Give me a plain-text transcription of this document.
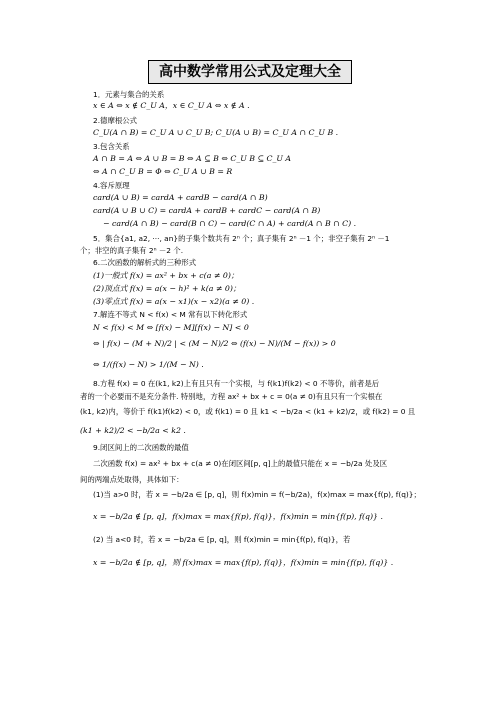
高中数学常用公式及定理大全
1．元素与集合的关系
x ∈ A ⇔ x ∉ C_U A，x ∈ C_U A ⇔ x ∉ A .
2.德摩根公式
C_U(A ∩ B) = C_U A ∪ C_U B; C_U(A ∪ B) = C_U A ∩ C_U B .
3.包含关系
A ∩ B = A ⇔ A ∪ B = B ⇔ A ⊆ B ⇔ C_U B ⊆ C_U A
⇔ A ∩ C_U B = Φ ⇔ C_U A ∪ B = R
4.容斥原理
card(A ∪ B) = cardA + cardB − card(A ∩ B)
card(A ∪ B ∪ C) = cardA + cardB + cardC − card(A ∩ B)
− card(A ∩ B) − card(B ∩ C) − card(C ∩ A) + card(A ∩ B ∩ C) .
5．集合{a1, a2, ···, an}的子集个数共有 2ⁿ 个；真子集有 2ⁿ －1 个；非空子集有 2ⁿ －1
个；非空的真子集有 2ⁿ －2 个.
6.二次函数的解析式的三种形式
(1)一般式 f(x) = ax² + bx + c(a ≠ 0)；
(2)顶点式 f(x) = a(x − h)² + k(a ≠ 0)；
(3)零点式 f(x) = a(x − x1)(x − x2)(a ≠ 0) .
7.解连不等式 N < f(x) < M 常有以下转化形式
N < f(x) < M ⇔ [f(x) − M][f(x) − N] < 0
⇔ | f(x) − (M + N)/2 | < (M − N)/2 ⇔ (f(x) − N)/(M − f(x)) > 0
⇔ 1/(f(x) − N) > 1/(M − N) .
8.方程 f(x) = 0 在(k1, k2)上有且只有一个实根，与 f(k1)f(k2) < 0 不等价，前者是后
者的一个必要而不是充分条件. 特别地，方程 ax² + bx + c = 0(a ≠ 0)有且只有一个实根在
(k1, k2)内，等价于 f(k1)f(k2) < 0，或 f(k1) = 0 且 k1 < −b/2a < (k1 + k2)/2，或 f(k2) = 0 且
(k1 + k2)/2 < −b/2a < k2 .
9.闭区间上的二次函数的最值
二次函数 f(x) = ax² + bx + c(a ≠ 0)在闭区间[p, q]上的最值只能在 x = −b/2a 处及区
间的两端点处取得，具体如下：
(1)当 a>0 时，若 x = −b/2a ∈ [p, q]，则 f(x)min = f(−b/2a)，f(x)max = max{f(p), f(q)}；
x = −b/2a ∉ [p, q]，f(x)max = max{f(p), f(q)}，f(x)min = min{f(p), f(q)} .
(2) 当 a<0 时，若 x = −b/2a ∈ [p, q]，则 f(x)min = min{f(p), f(q)}，若
x = −b/2a ∉ [p, q]，则 f(x)max = max{f(p), f(q)}，f(x)min = min{f(p), f(q)} .
